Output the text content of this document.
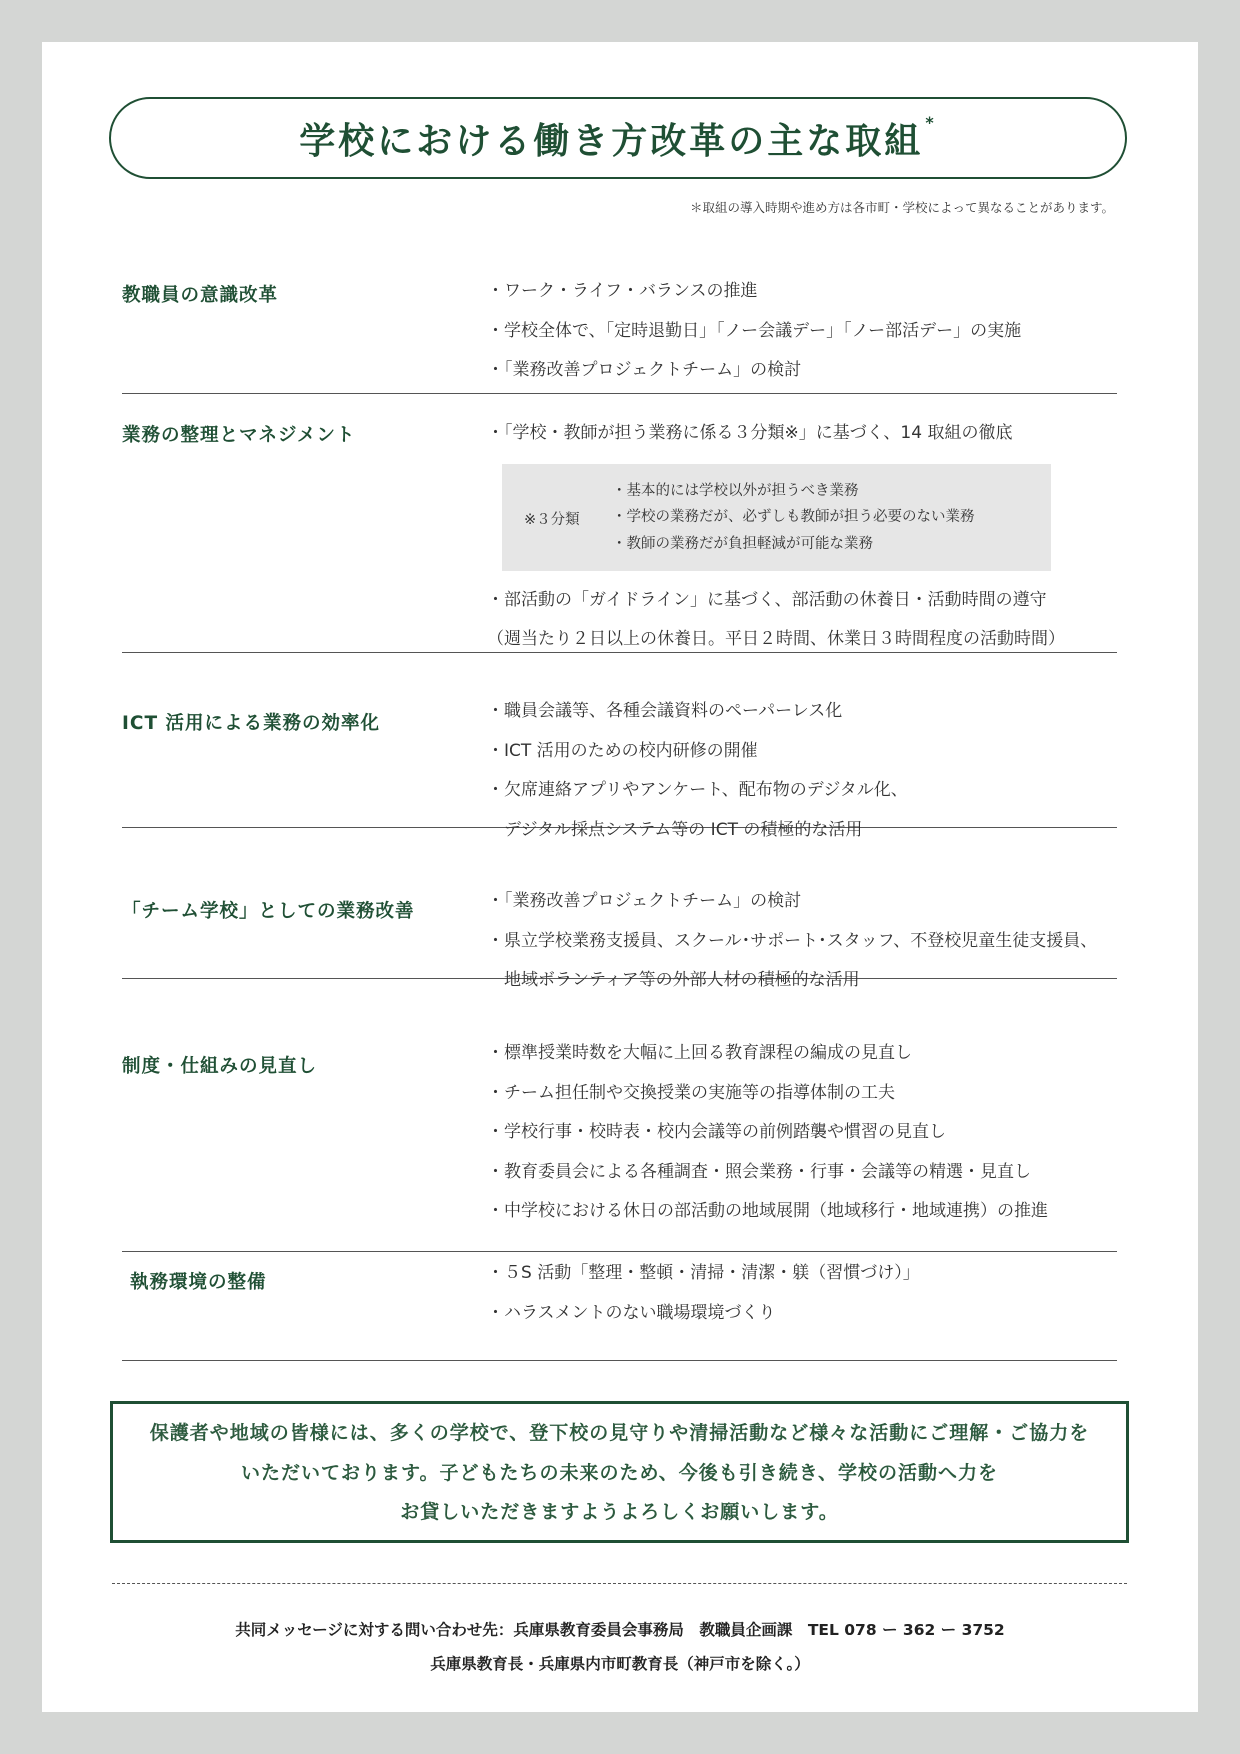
学校における働き方改革の主な取組 *
＊取組の導入時期や進め方は各市町・学校によって異なることがあります。
教職員の意識改革	・ワーク・ライフ・バランスの推進
・学校全体で、「定時退勤日」「ノー会議デー」「ノー部活デー」の実施
・「業務改善プロジェクトチーム」の検討
業務の整理とマネジメント	・「学校・教師が担う業務に係る３分類※」に基づく、14 取組の徹底
※３分類
・基本的には学校以外が担うべき業務
・学校の業務だが、必ずしも教師が担う必要のない業務
・教師の業務だが負担軽減が可能な業務
・部活動の「ガイドライン」に基づく、部活動の休養日・活動時間の遵守
（週当たり２日以上の休養日。平日２時間、休業日３時間程度の活動時間）
ICT 活用による業務の効率化
・職員会議等、各種会議資料のペーパーレス化
・ICT 活用のための校内研修の開催
・欠席連絡アプリやアンケート、配布物のデジタル化、
　デジタル採点システム等の ICT の積極的な活用
「チーム学校」としての業務改善	・「業務改善プロジェクトチーム」の検討
・県立学校業務支援員、スクール･サポート･スタッフ、不登校児童生徒支援員、
　地域ボランティア等の外部人材の積極的な活用
制度・仕組みの見直し
・標準授業時数を大幅に上回る教育課程の編成の見直し
・チーム担任制や交換授業の実施等の指導体制の工夫
・学校行事・校時表・校内会議等の前例踏襲や慣習の見直し
・教育委員会による各種調査・照会業務・行事・会議等の精選・見直し
・中学校における休日の部活動の地域展開（地域移行・地域連携）の推進
執務環境の整備	・５S 活動「整理・整頓・清掃・清潔・躾（習慣づけ）」
・ハラスメントのない職場環境づくり
保護者や地域の皆様には、多くの学校で、登下校の見守りや清掃活動など様々な活動にご理解・ご協力を
いただいております。子どもたちの未来のため、今後も引き続き、学校の活動へ力を
お貸しいただきますようよろしくお願いします。
共同メッセージに対する問い合わせ先：兵庫県教育委員会事務局　教職員企画課　TEL 078 ー 362 ー 3752
兵庫県教育長・兵庫県内市町教育長（神戸市を除く。）
